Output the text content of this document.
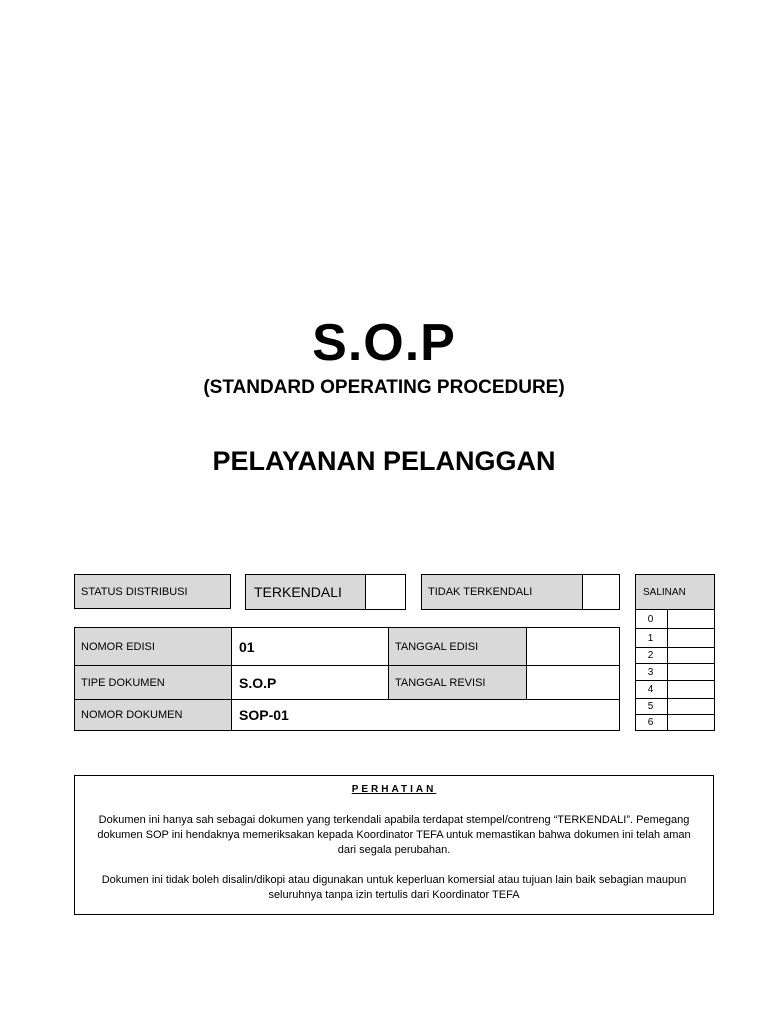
S.O.P
(STANDARD OPERATING PROCEDURE)
PELAYANAN PELANGGAN
STATUS DISTRIBUSI	TERKENDALI	TIDAK TERKENDALI
NOMOR EDISI	01	TANGGAL EDISI
TIPE DOKUMEN	S.O.P	TANGGAL REVISI
NOMOR DOKUMEN	SOP-01
SALINAN
0
1
2
3
4
5
6
PERHATIAN
Dokumen ini hanya sah sebagai dokumen yang terkendali apabila terdapat stempel/contreng “TERKENDALI”. Pemegang dokumen SOP ini hendaknya memeriksakan kepada Koordinator TEFA untuk memastikan bahwa dokumen ini telah aman dari segala perubahan.
Dokumen ini tidak boleh disalin/dikopi atau digunakan untuk keperluan komersial atau tujuan lain baik sebagian maupun seluruhnya tanpa izin tertulis dari Koordinator TEFA
